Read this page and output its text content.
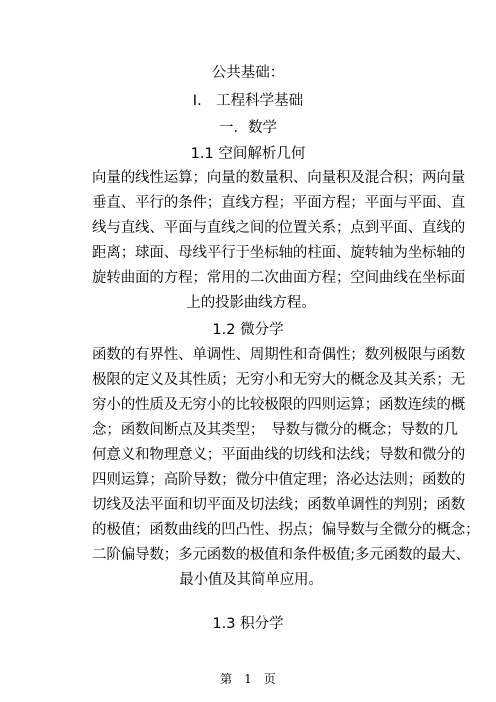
公共基础：
I.　工程科学基础
一．数学
1.1 空间解析几何
向量的线性运算；向量的数量积、向量积及混合积；两向量
垂直、平行的条件；直线方程；平面方程；平面与平面、直
线与直线、平面与直线之间的位置关系；点到平面、直线的
距离；球面、母线平行于坐标轴的柱面、旋转轴为坐标轴的
旋转曲面的方程；常用的二次曲面方程；空间曲线在坐标面
上的投影曲线方程。
1.2 微分学
函数的有界性、单调性、周期性和奇偶性；数列极限与函数
极限的定义及其性质；无穷小和无穷大的概念及其关系；无
穷小的性质及无穷小的比较极限的四则运算；函数连续的概
念；函数间断点及其类型；　导数与微分的概念；导数的几
何意义和物理意义；平面曲线的切线和法线；导数和微分的
四则运算；高阶导数；微分中值定理；洛必达法则；函数的
切线及法平面和切平面及切法线；函数单调性的判别；函数
的极值；函数曲线的凹凸性、拐点；偏导数与全微分的概念；
二阶偏导数；多元函数的极值和条件极值;多元函数的最大、
最小值及其简单应用。
1.3 积分学
第　1　页
